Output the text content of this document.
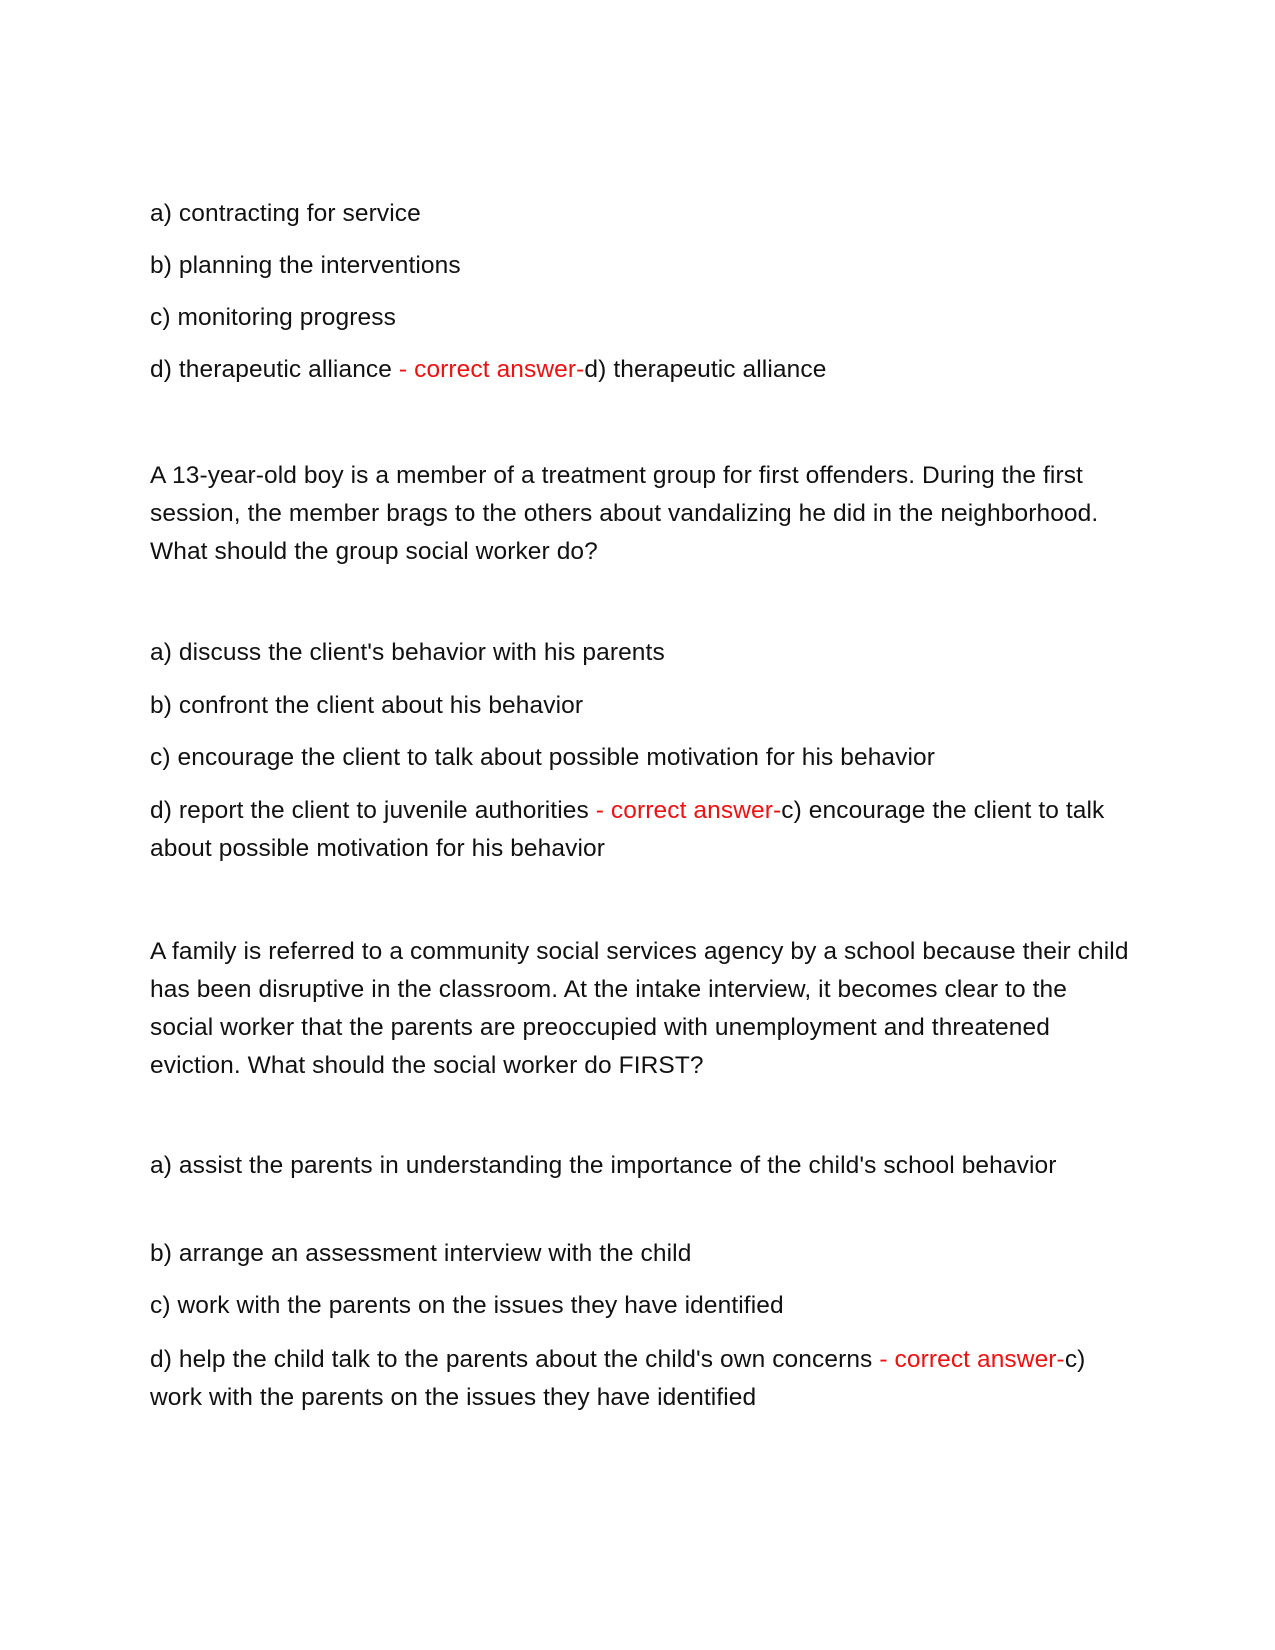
a) contracting for service

b) planning the interventions

c) monitoring progress

d) therapeutic alliance - correct answer-d) therapeutic alliance

A 13-year-old boy is a member of a treatment group for first offenders. During the first session, the member brags to the others about vandalizing he did in the neighborhood. What should the group social worker do?

a) discuss the client's behavior with his parents

b) confront the client about his behavior

c) encourage the client to talk about possible motivation for his behavior

d) report the client to juvenile authorities - correct answer-c) encourage the client to talk about possible motivation for his behavior

A family is referred to a community social services agency by a school because their child has been disruptive in the classroom. At the intake interview, it becomes clear to the social worker that the parents are preoccupied with unemployment and threatened eviction. What should the social worker do FIRST?

a) assist the parents in understanding the importance of the child's school behavior

b) arrange an assessment interview with the child

c) work with the parents on the issues they have identified

d) help the child talk to the parents about the child's own concerns - correct answer-c) work with the parents on the issues they have identified
